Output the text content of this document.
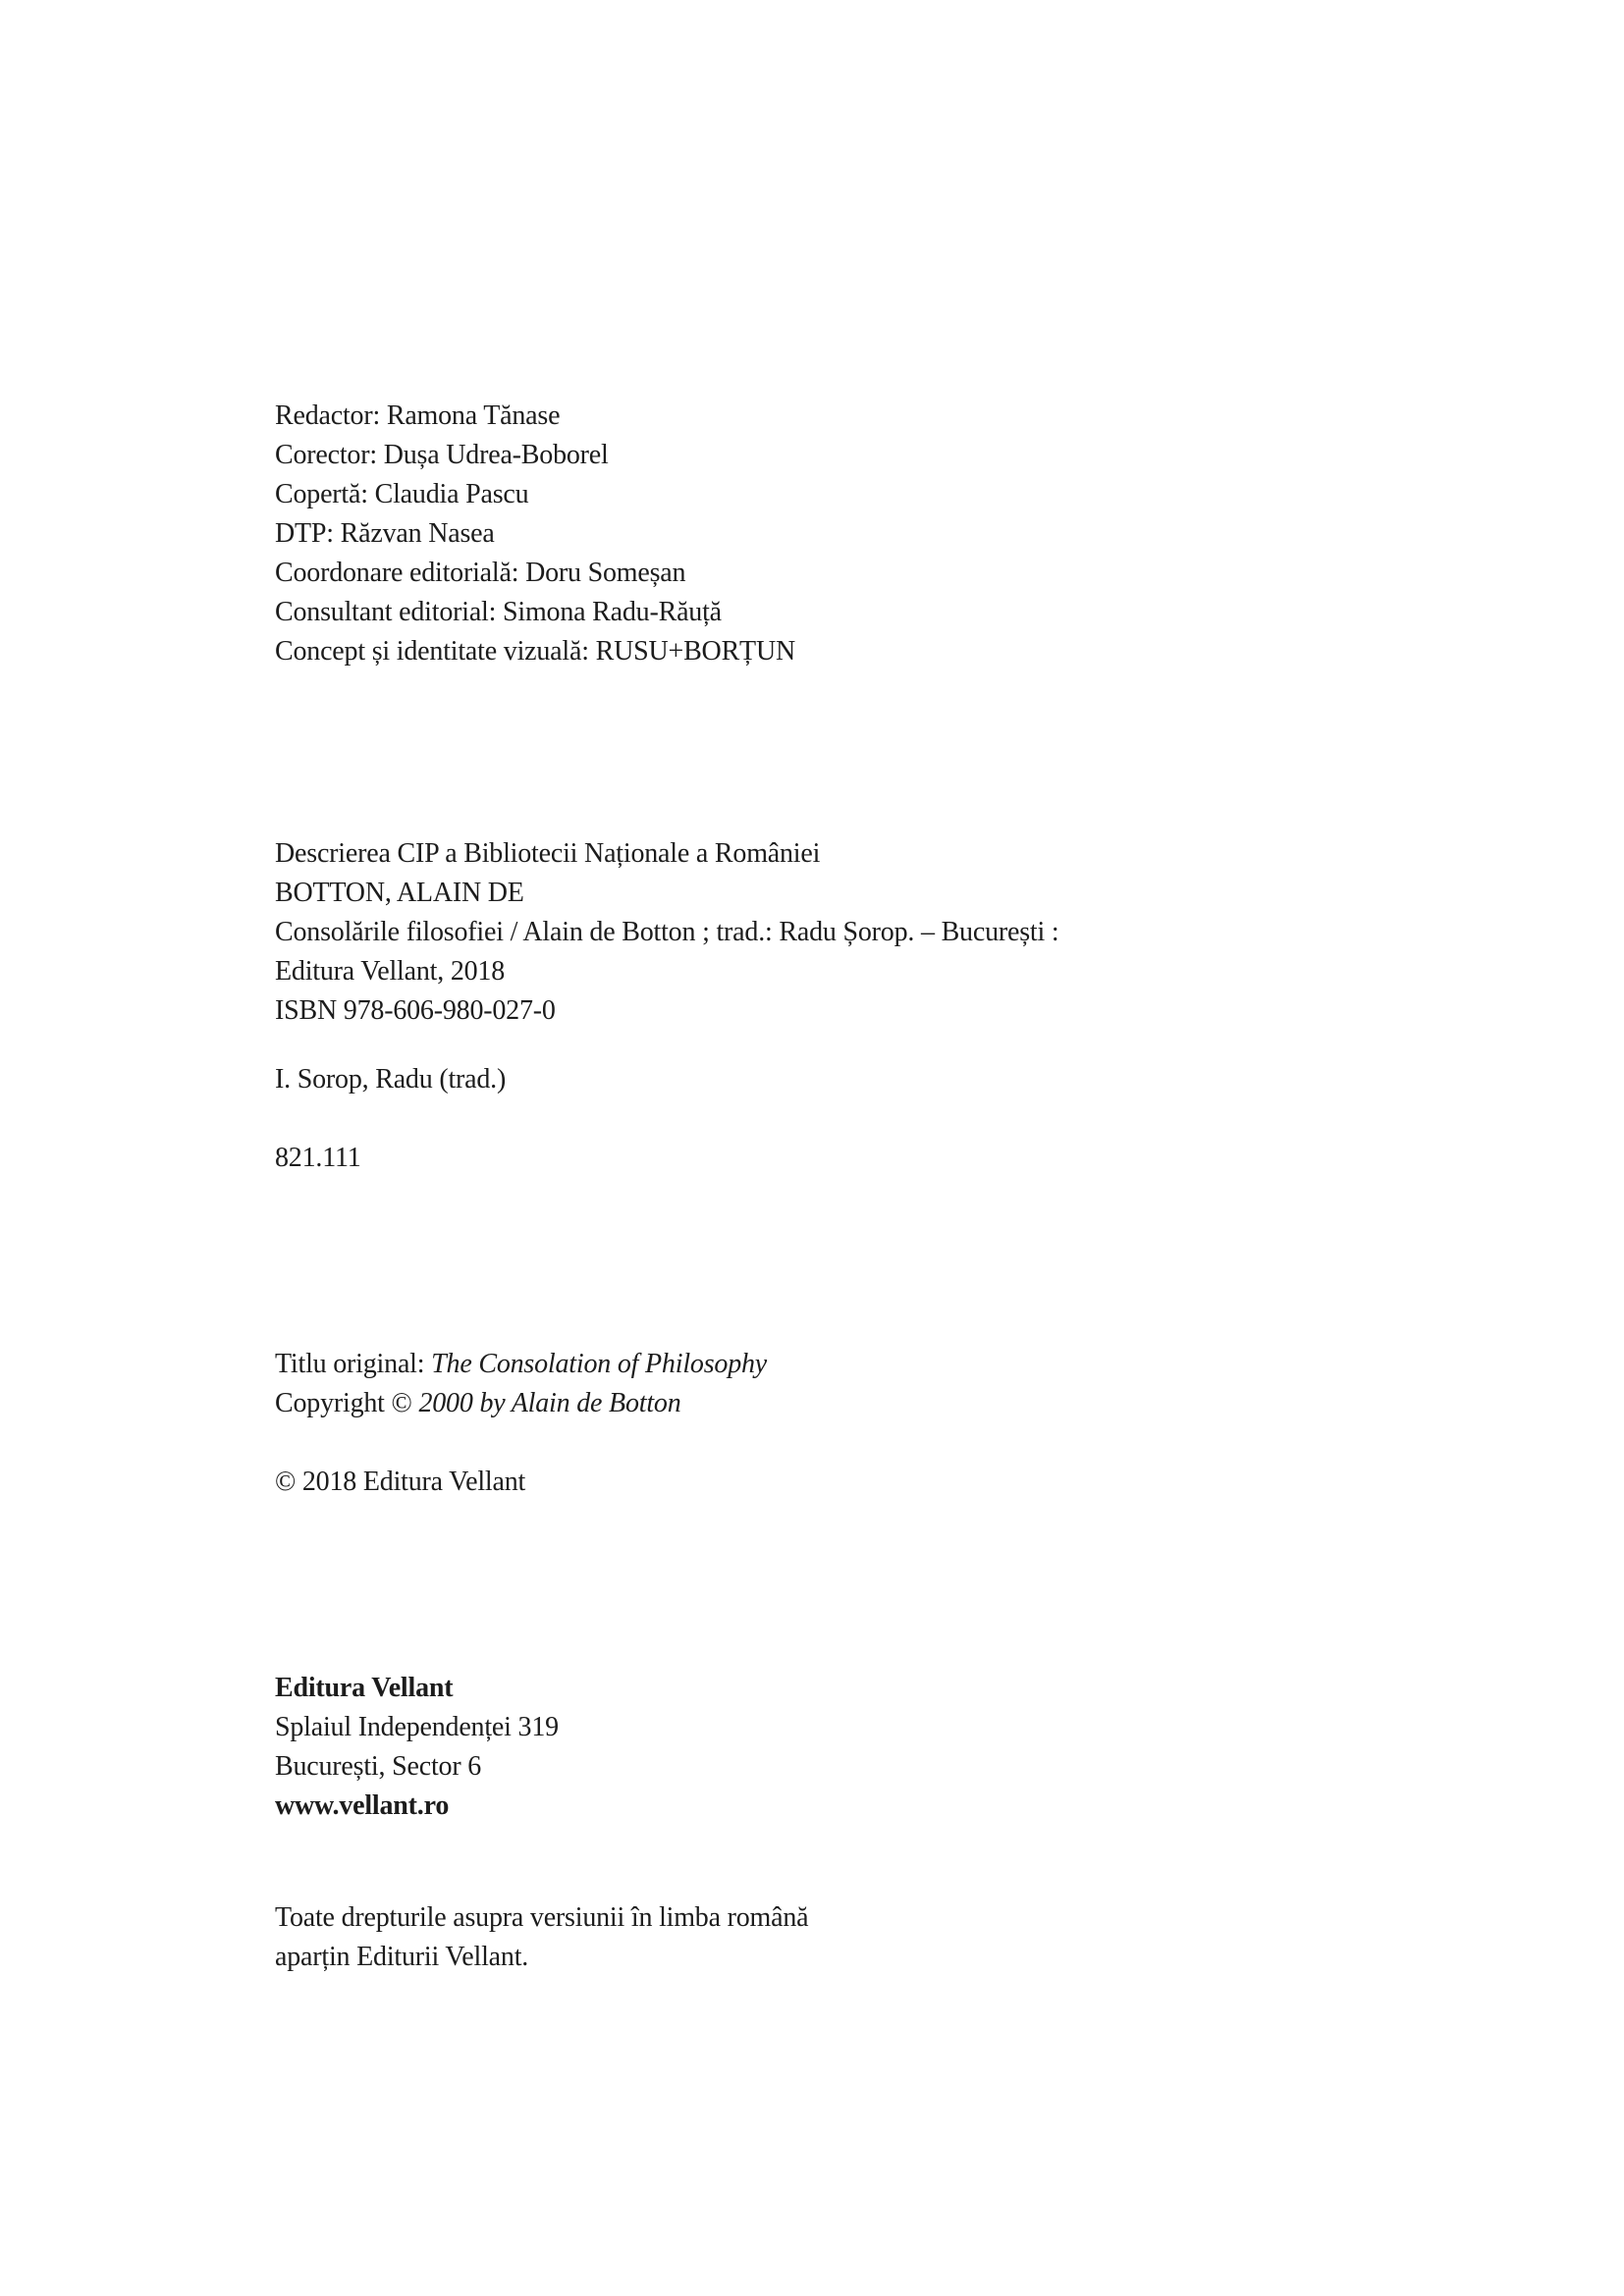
Redactor: Ramona Tănase
Corector: Dușa Udrea-Boborel
Copertă: Claudia Pascu
DTP: Răzvan Nasea
Coordonare editorială: Doru Someșan
Consultant editorial: Simona Radu-Răuță
Concept și identitate vizuală: RUSU+BORȚUN
Descrierea CIP a Bibliotecii Naționale a României
BOTTON, ALAIN DE
Consolările filosofiei / Alain de Botton ; trad.: Radu Șorop. – București :
Editura Vellant, 2018
ISBN 978-606-980-027-0
I. Sorop, Radu (trad.)
821.111
Titlu original: The Consolation of Philosophy
Copyright © 2000 by Alain de Botton
© 2018 Editura Vellant
Editura Vellant
Splaiul Independenței 319
București, Sector 6
www.vellant.ro
Toate drepturile asupra versiunii în limba română
aparțin Editurii Vellant.
